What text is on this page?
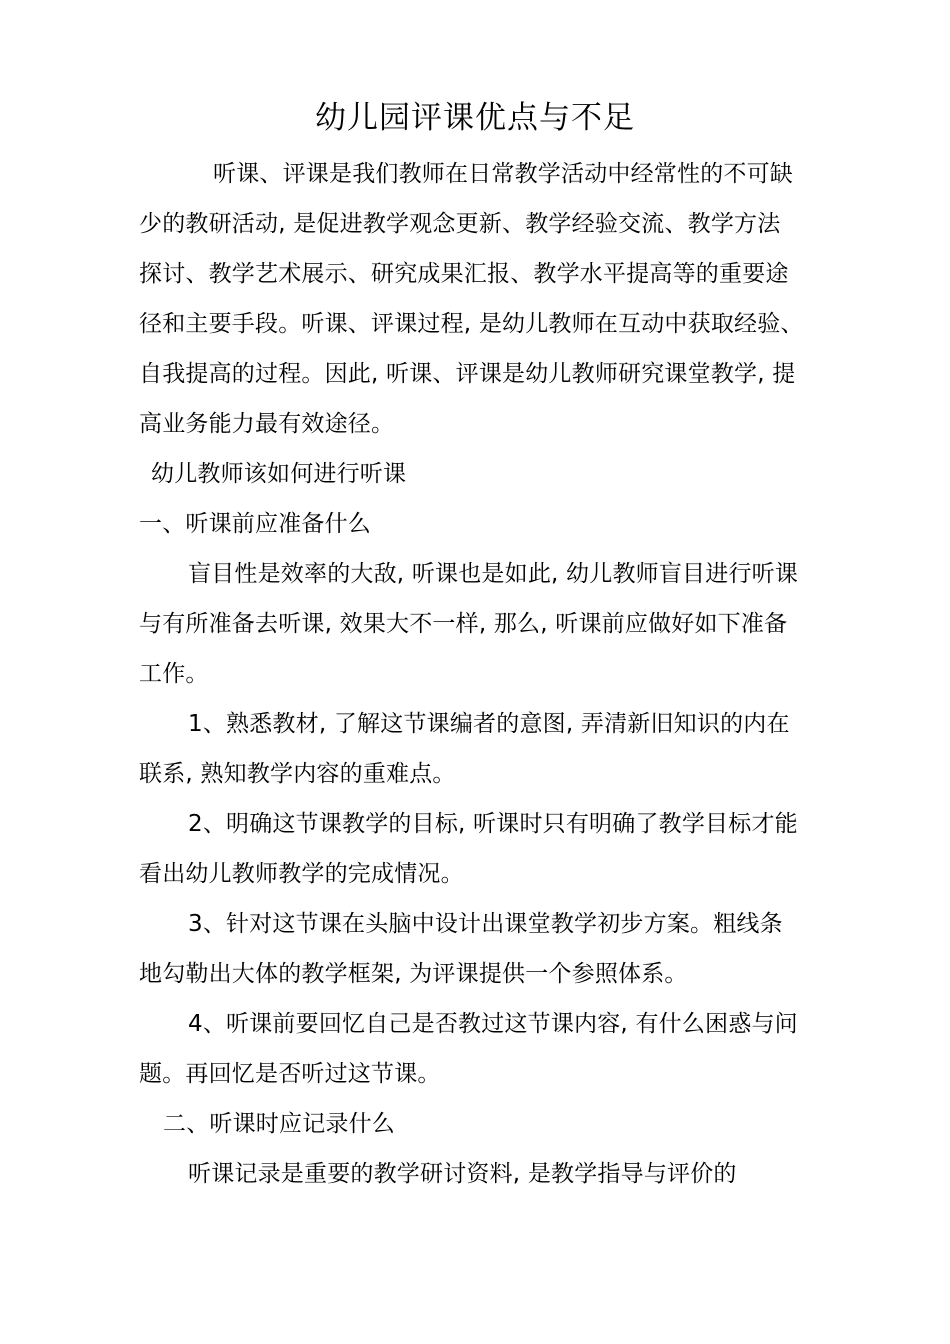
幼儿园评课优点与不足
听课、评课是我们教师在日常教学活动中经常性的不可缺
少的教研活动, 是促进教学观念更新、教学经验交流、教学方法
探讨、教学艺术展示、研究成果汇报、教学水平提高等的重要途
径和主要手段。听课、评课过程, 是幼儿教师在互动中获取经验、
自我提高的过程。因此, 听课、评课是幼儿教师研究课堂教学, 提
高业务能力最有效途径。
幼儿教师该如何进行听课
一、听课前应准备什么
盲目性是效率的大敌, 听课也是如此, 幼儿教师盲目进行听课
与有所准备去听课, 效果大不一样, 那么, 听课前应做好如下准备
工作。
1、熟悉教材, 了解这节课编者的意图, 弄清新旧知识的内在
联系, 熟知教学内容的重难点。
2、明确这节课教学的目标, 听课时只有明确了教学目标才能
看出幼儿教师教学的完成情况。
3、针对这节课在头脑中设计出课堂教学初步方案。粗线条
地勾勒出大体的教学框架, 为评课提供一个参照体系。
4、听课前要回忆自己是否教过这节课内容, 有什么困惑与问
题。再回忆是否听过这节课。
二、听课时应记录什么
听课记录是重要的教学研讨资料, 是教学指导与评价的
